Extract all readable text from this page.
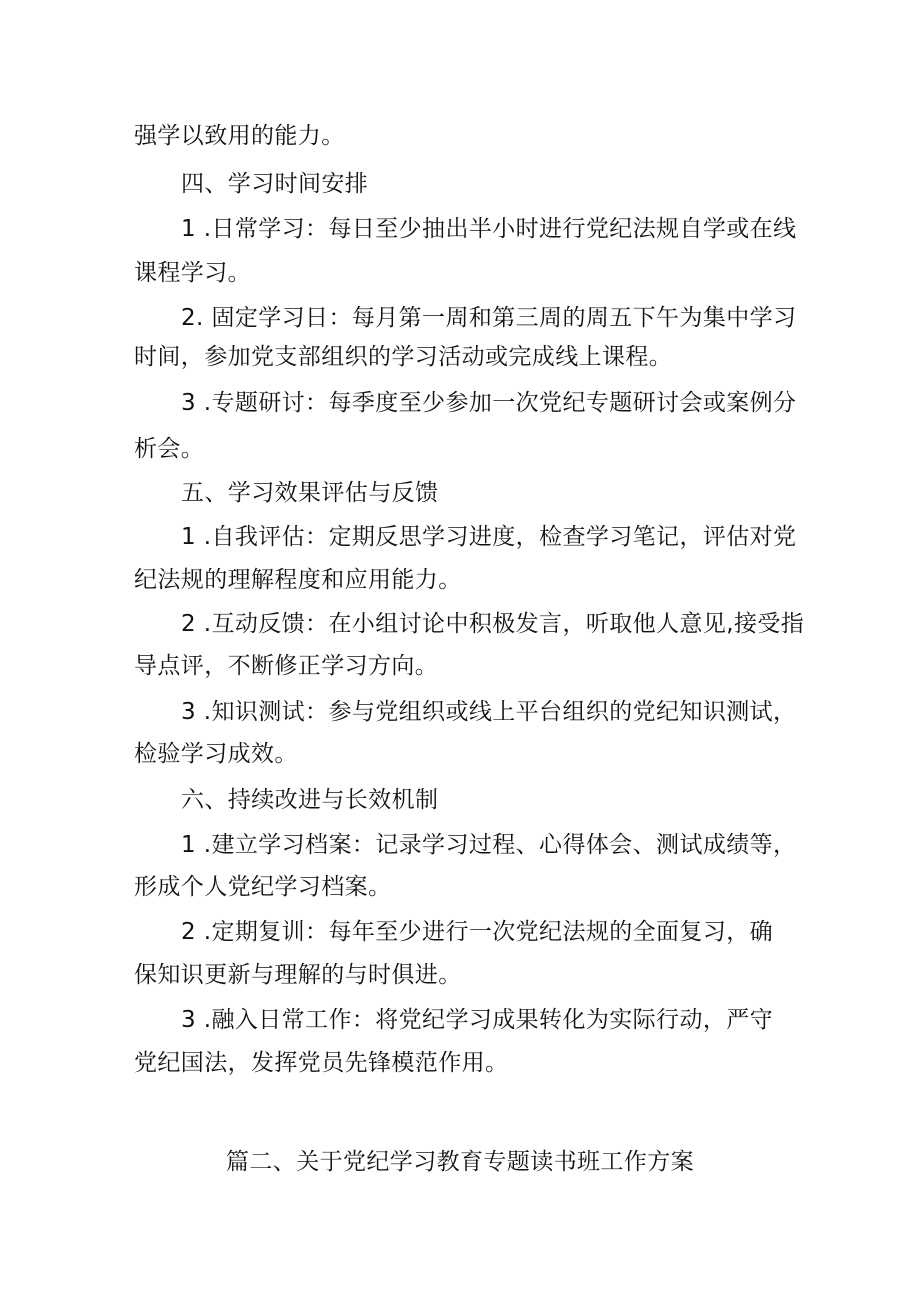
强学以致用的能力。
四、学习时间安排
1 .日常学习：每日至少抽出半小时进行党纪法规自学或在线
课程学习。
2. 固定学习日：每月第一周和第三周的周五下午为集中学习
时间，参加党支部组织的学习活动或完成线上课程。
3 .专题研讨：每季度至少参加一次党纪专题研讨会或案例分
析会。
五、学习效果评估与反馈
1 .自我评估：定期反思学习进度，检查学习笔记，评估对党
纪法规的理解程度和应用能力。
2 .互动反馈：在小组讨论中积极发言，听取他人意见,接受指
导点评，不断修正学习方向。
3 .知识测试：参与党组织或线上平台组织的党纪知识测试，
检验学习成效。
六、持续改进与长效机制
1 .建立学习档案：记录学习过程、心得体会、测试成绩等，
形成个人党纪学习档案。
2 .定期复训：每年至少进行一次党纪法规的全面复习，确
保知识更新与理解的与时俱进。
3 .融入日常工作：将党纪学习成果转化为实际行动，严守
党纪国法，发挥党员先锋模范作用。
篇二、关于党纪学习教育专题读书班工作方案
